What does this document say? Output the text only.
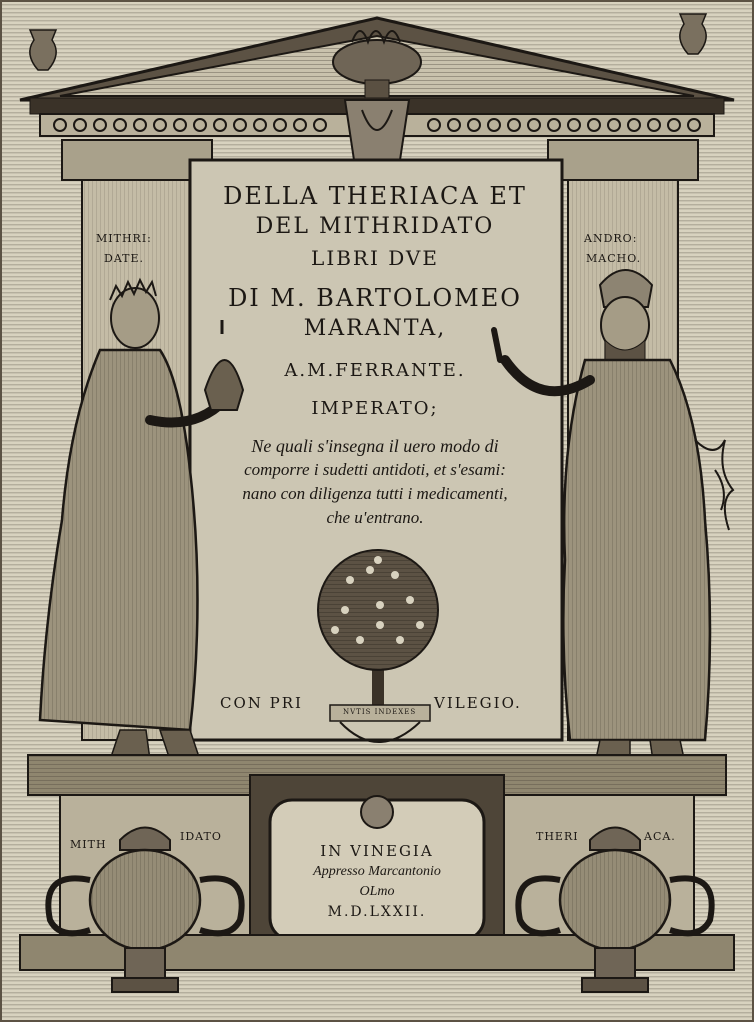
DELLA THERIACA ET
DEL MITHRIDATO
LIBRI DVE
DI M. BARTOLOMEO
MARANTA,
A.M.FERRANTE.
IMPERATO;
Ne quali s'insegna il uero modo di
comporre i sudetti antidoti, et s'esami:
nano con diligenza tutti i medicamenti,
che u'entrano.
MITHRI:
DATE.
ANDRO:
MACHO.
CON PRI	VILEGIO.
NVTIS INDEXES
MITH
IDATO	THERI	ACA.
IN VINEGIA
Appresso Marcantonio
OLmo
M.D.LXXII.
